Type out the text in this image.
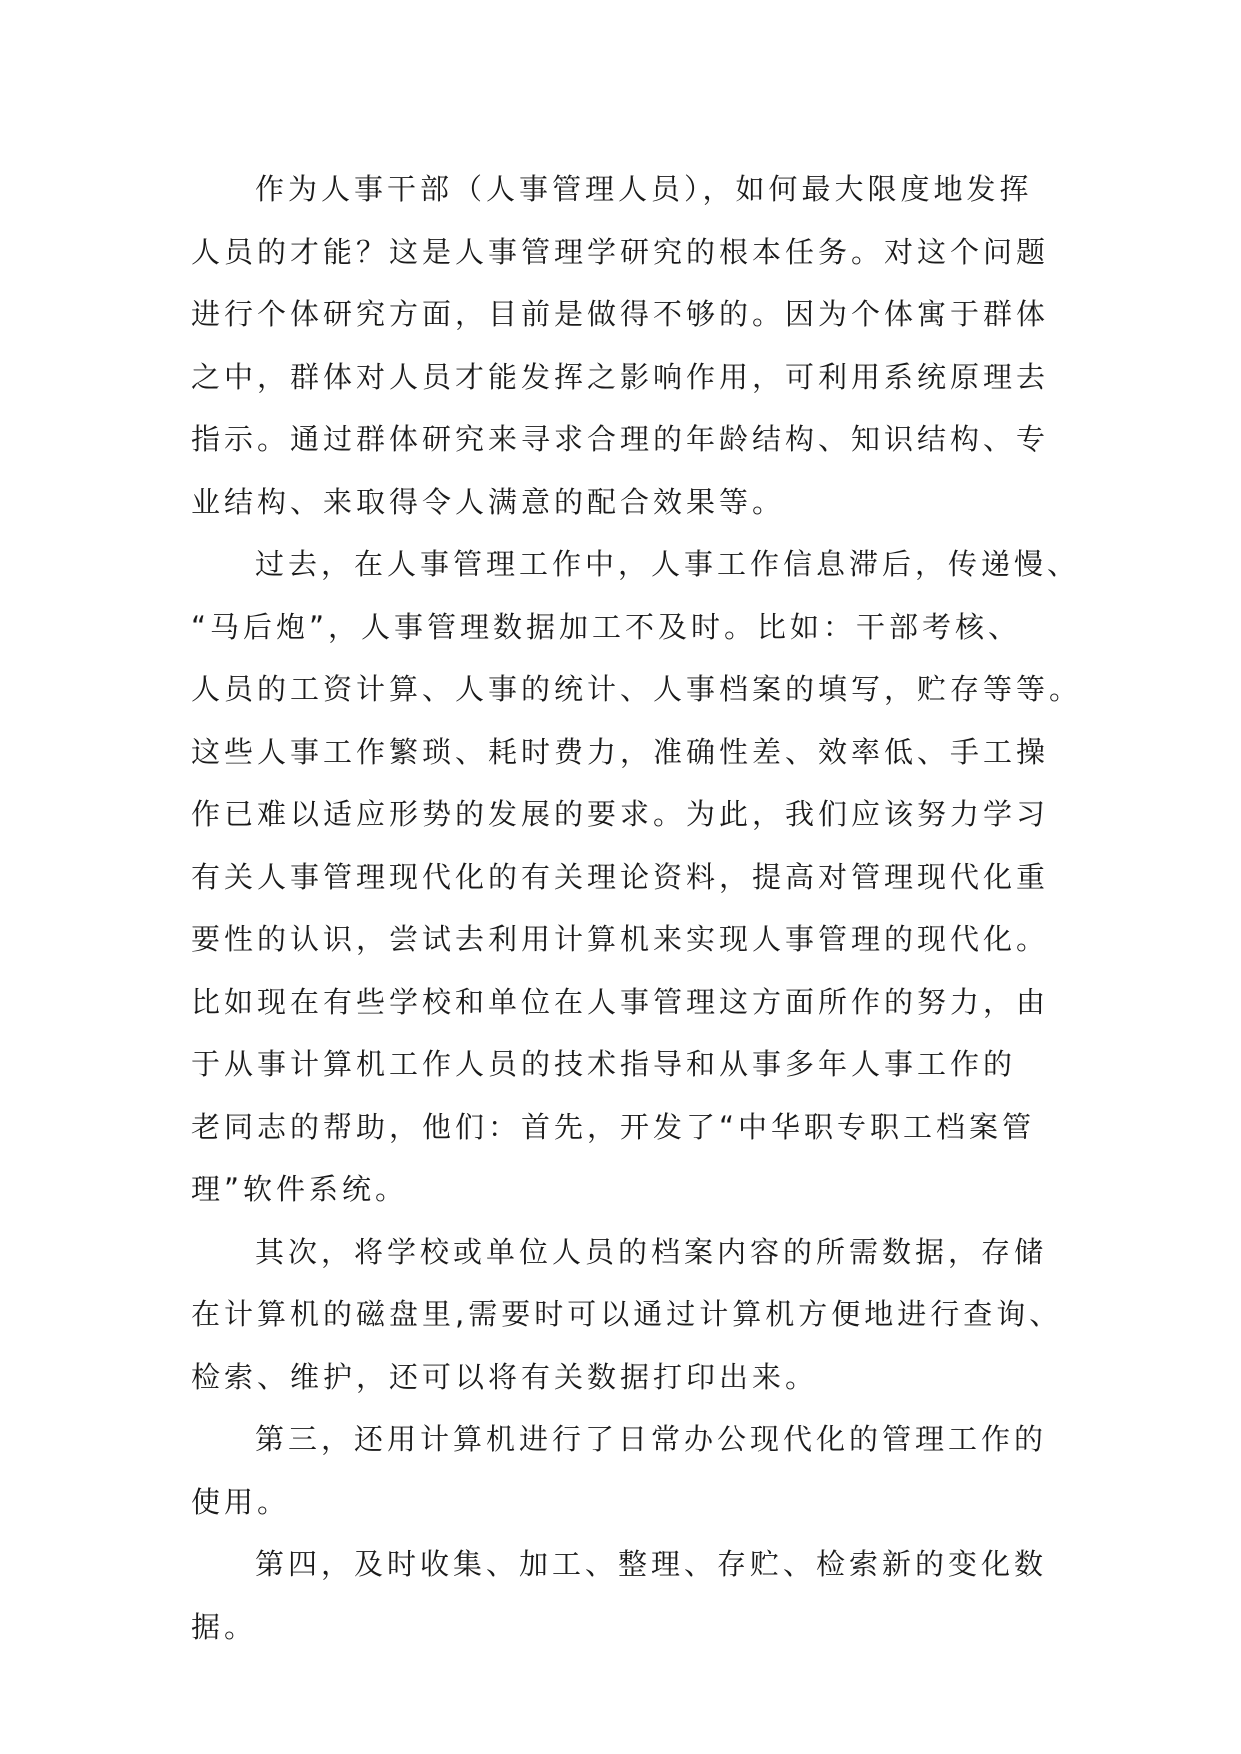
作为人事干部（人事管理人员），如何最大限度地发挥
人员的才能？这是人事管理学研究的根本任务。对这个问题
进行个体研究方面，目前是做得不够的。因为个体寓于群体
之中，群体对人员才能发挥之影响作用，可利用系统原理去
指示。通过群体研究来寻求合理的年龄结构、知识结构、专
业结构、来取得令人满意的配合效果等。
过去，在人事管理工作中，人事工作信息滞后，传递慢、
“马后炮”，人事管理数据加工不及时。比如：干部考核、
人员的工资计算、人事的统计、人事档案的填写，贮存等等。
这些人事工作繁琐、耗时费力，准确性差、效率低、手工操
作已难以适应形势的发展的要求。为此，我们应该努力学习
有关人事管理现代化的有关理论资料，提高对管理现代化重
要性的认识，尝试去利用计算机来实现人事管理的现代化。
比如现在有些学校和单位在人事管理这方面所作的努力，由
于从事计算机工作人员的技术指导和从事多年人事工作的
老同志的帮助，他们：首先，开发了“中华职专职工档案管
理”软件系统。
其次，将学校或单位人员的档案内容的所需数据，存储
在计算机的磁盘里,需要时可以通过计算机方便地进行查询、
检索、维护，还可以将有关数据打印出来。
第三，还用计算机进行了日常办公现代化的管理工作的
使用。
第四，及时收集、加工、整理、存贮、检索新的变化数
据。
